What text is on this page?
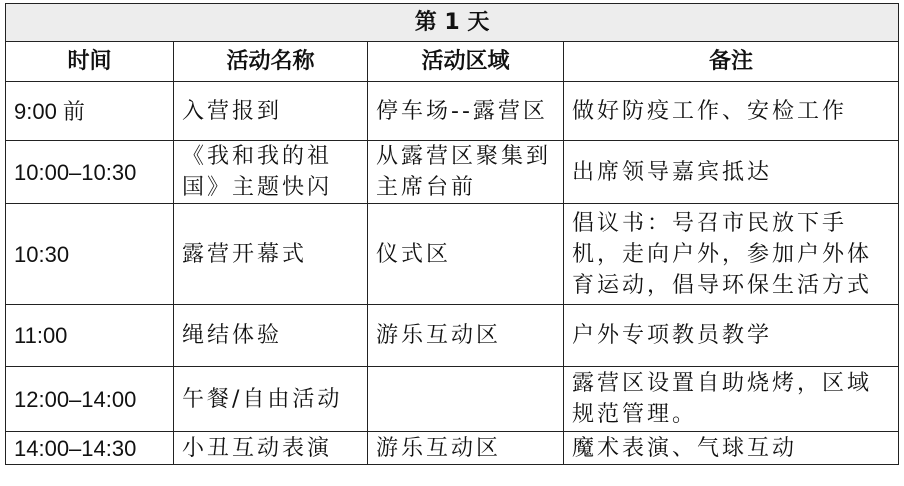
第 1 天			
时间	活动名称	活动区域	备注
9:00 前	入营报到	停车场--露营区	做好防疫工作、安检工作
10:00–10:30	《我和我的祖国》主题快闪	从露营区聚集到主席台前	出席领导嘉宾抵达
10:30	露营开幕式	仪式区	倡议书：号召市民放下手机，走向户外，参加户外体育运动，倡导环保生活方式
11:00	绳结体验	游乐互动区	户外专项教员教学
12:00–14:00	午餐/自由活动		露营区设置自助烧烤，区域规范管理。
14:00–14:30	小丑互动表演	游乐互动区	魔术表演、气球互动
